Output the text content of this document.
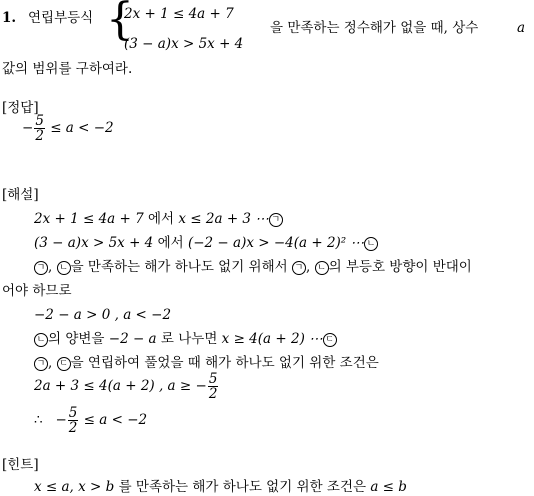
1. 연립부등식 {
2x + 1 ≤ 4a + 7
(3 − a)x > 5x + 4
을 만족하는 정수해가 없을 때, 상수	a
값의 범위를 구하여라.
[정답]
− $\frac{5}{2} \le a < -2$
[해설]
2x + 1 ≤ 4a + 7 에서 x ≤ 2a + 3 ⋯ ㄱ
(3 − a)x > 5x + 4 에서 (−2 − a)x > −4(a + 2)² ⋯ ㄴ
ㄱ , ㄴ 을 만족하는 해가 하나도 없기 위해서 ㄱ , ㄴ 의 부등호 방향이 반대이
어야 하므로
−2 − a > 0 , a < −2
ㄴ 의 양변을 −2 − a 로 나누면 x ≥ 4(a + 2) ⋯ ㄷ
ㄱ , ㄷ 을 연립하여 풀었을 때 해가 하나도 없기 위한 조건은
2a + 3 ≤ 4(a + 2) , a ≥ − $\frac{5}{2}$
∴ − $\frac{5}{2} \le a < -2$
[힌트]
x ≤ a, x > b 를 만족하는 해가 하나도 없기 위한 조건은 a ≤ b
